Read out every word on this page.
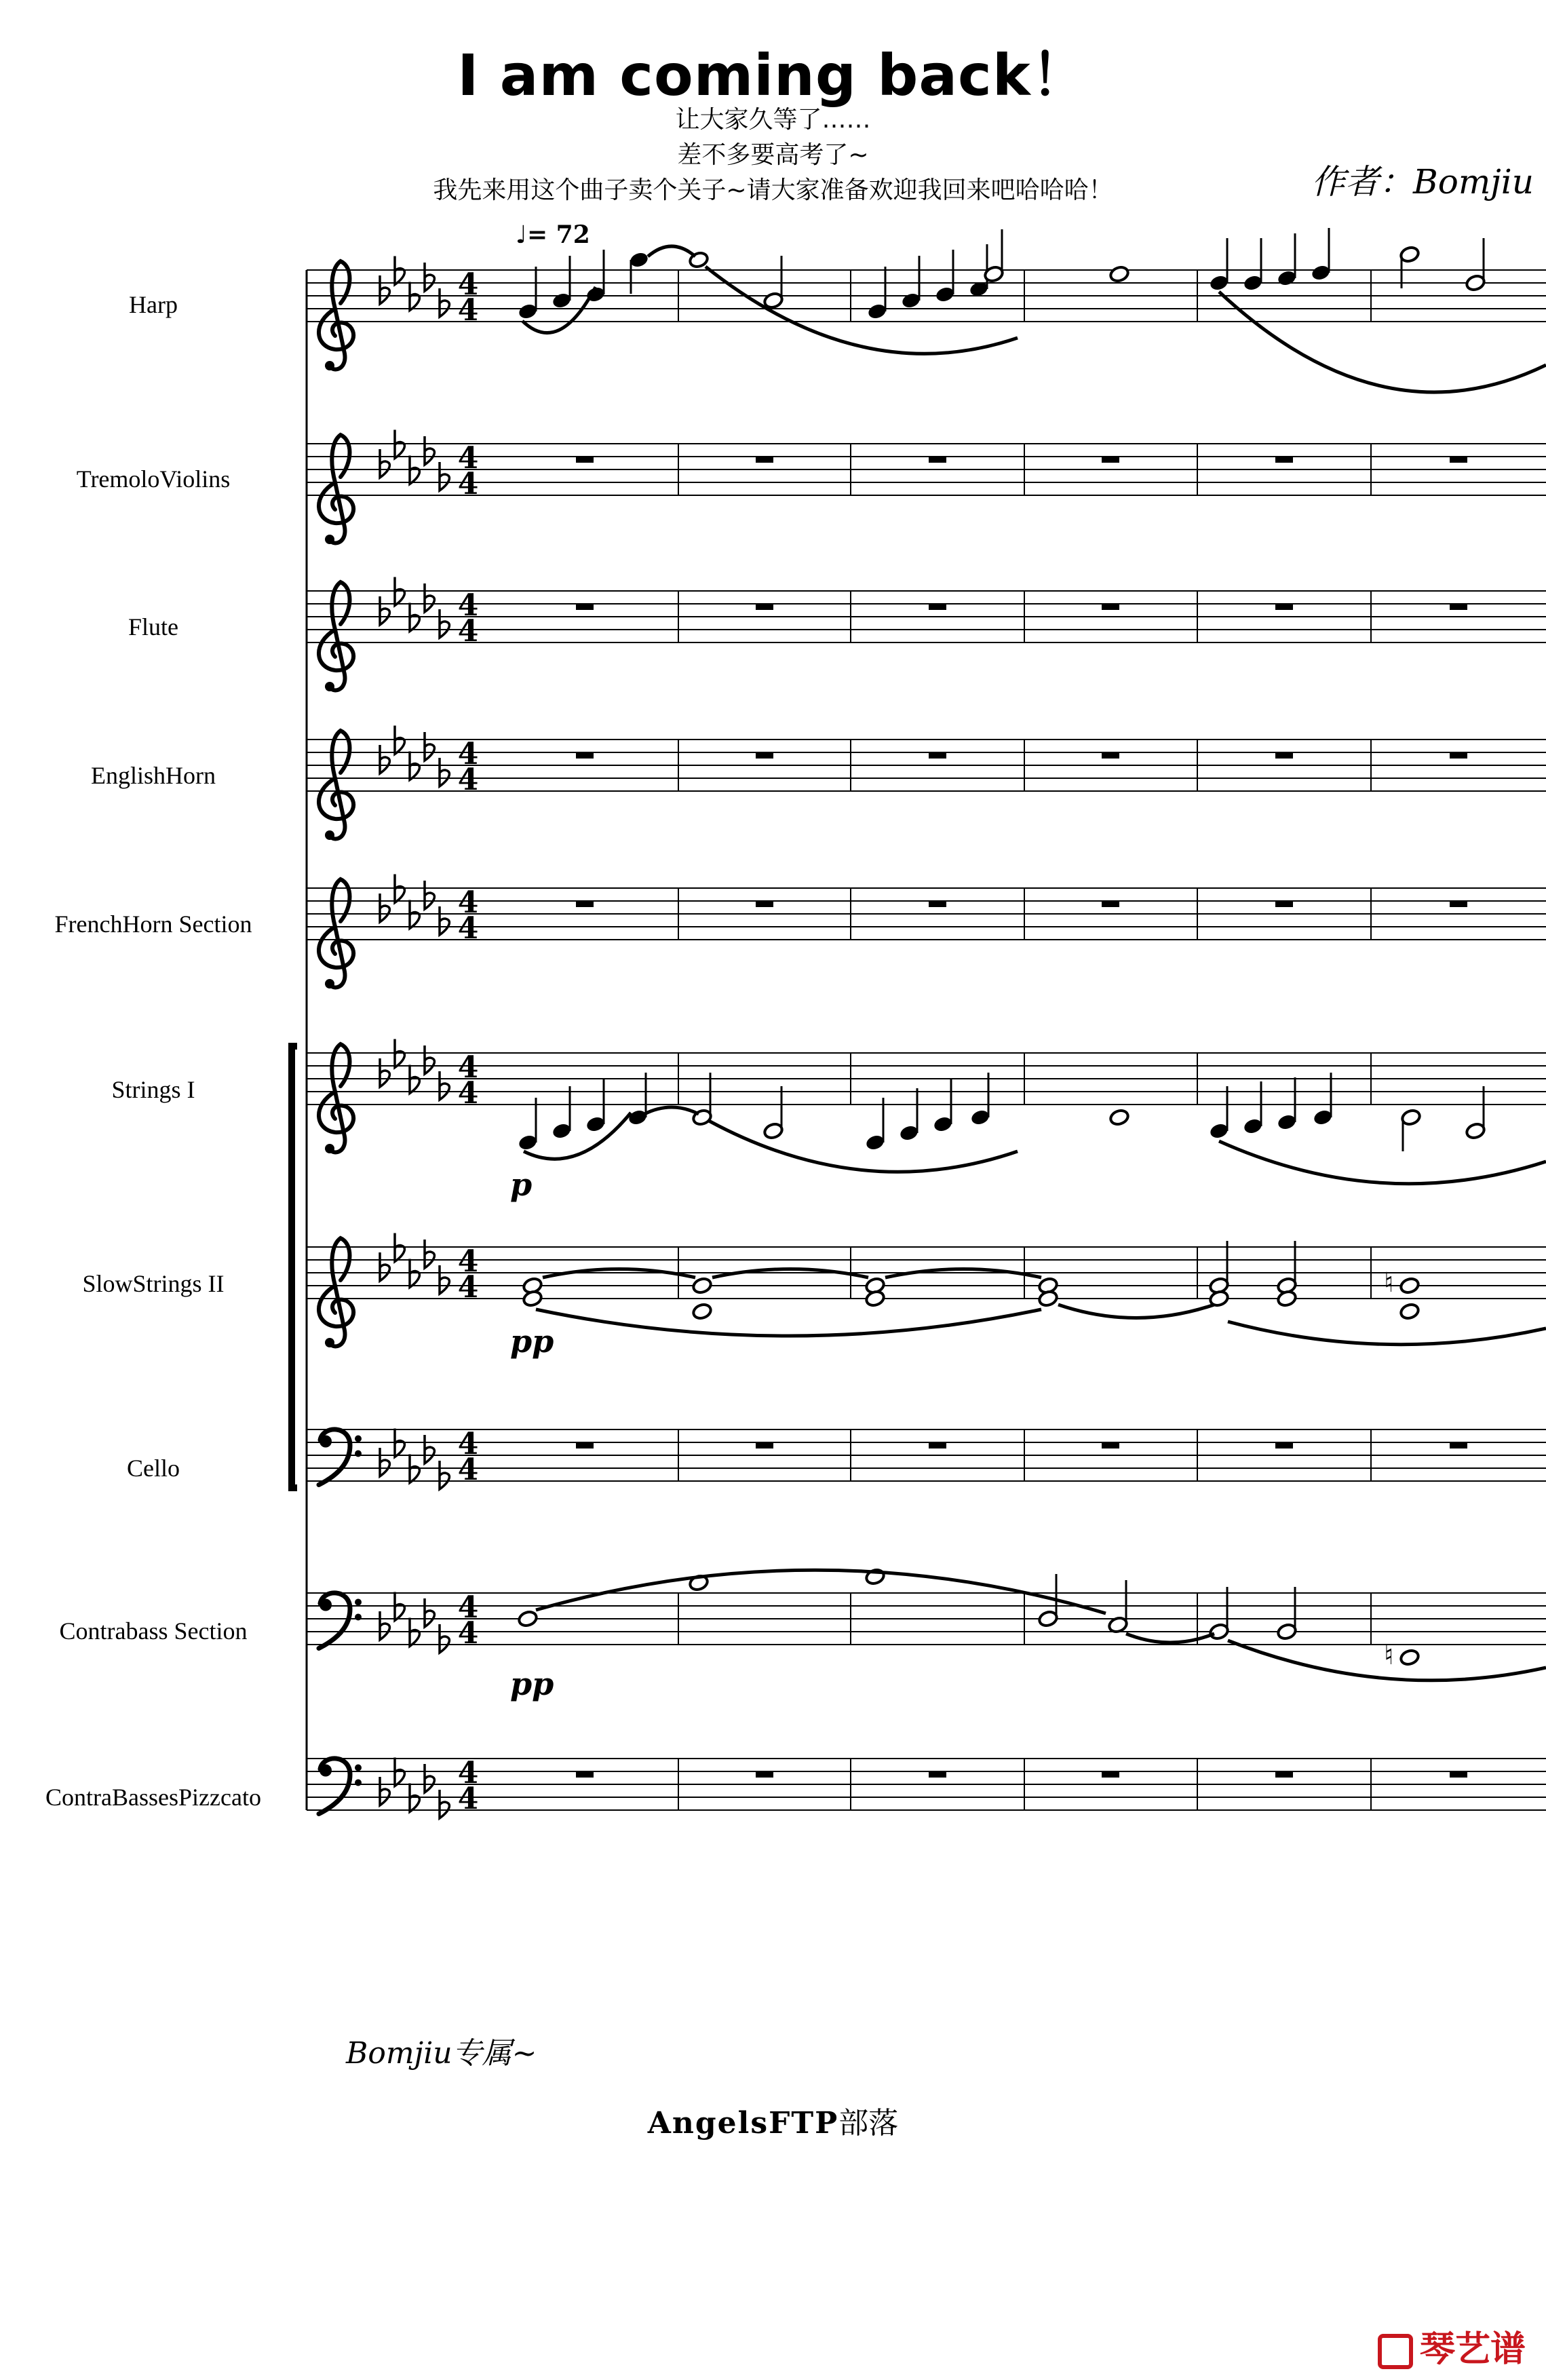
I am coming back！
让大家久等了……
差不多要高考了~
我先来用这个曲子卖个关子~请大家准备欢迎我回来吧哈哈哈！	作者：Bomjiu
♩= 72
Harp
TremoloViolins
Flute
EnglishHorn
FrenchHorn Section
Strings I
SlowStrings II
Cello
Contrabass Section
ContraBassesPizzcato
4
4
4
4
4
4
4
4
4
4
4
4
4
4
4
4
4
4
4
4
p
♮
pp
♮
pp
Bomjiu专属~
AngelsFTP部落
琴艺谱
